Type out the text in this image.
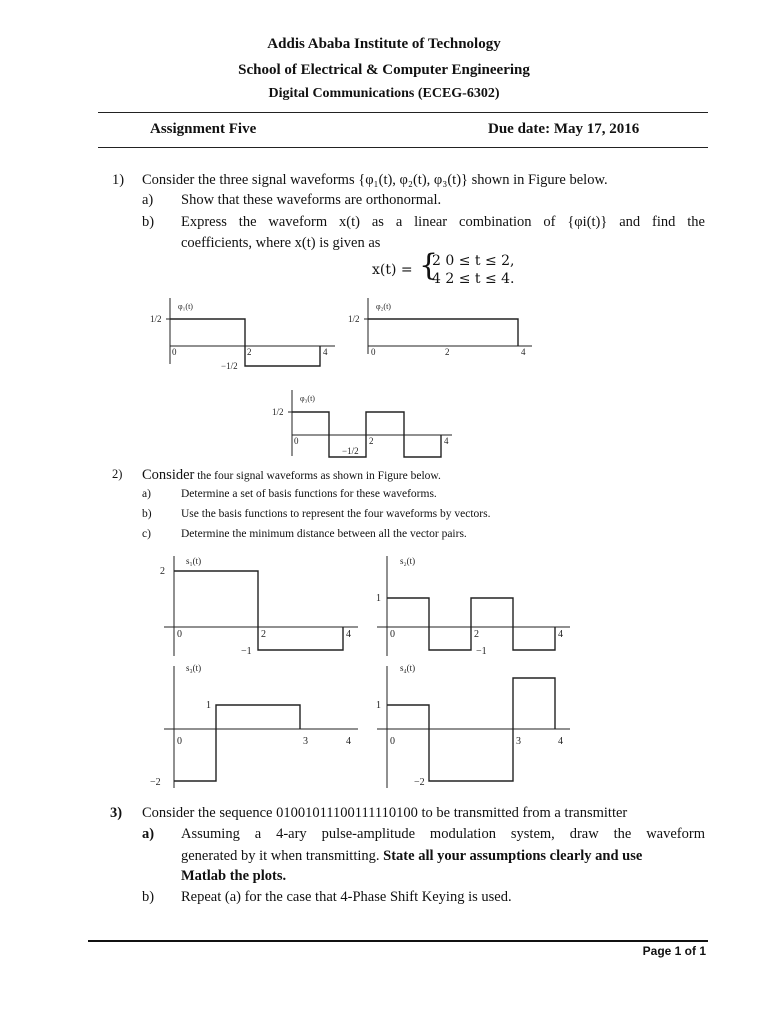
Addis Ababa Institute of Technology
School of Electrical & Computer Engineering
Digital Communications (ECEG-6302)
Assignment Five	Due date: May 17, 2016
1) Consider the three signal waveforms {φ₁(t), φ₂(t), φ₃(t)} shown in Figure below.
a) Show that these waveforms are orthonormal.
b) Express the waveform x(t) as a linear combination of {φi(t)} and find the
coefficients, where x(t) is given as
x(t) = {
2 0 ≤ t ≤ 2,
4 2 ≤ t ≤ 4.
φ₁(t)
1/2
0	2	4
−1/2
φ₂(t)
1/2
0	2	4
φ₃(t)
1/2
0	2	4
−1/2
2) Consider the four signal waveforms as shown in Figure below.
a)	Determine a set of basis functions for these waveforms.
b)	Use the basis functions to represent the four waveforms by vectors.
c)	Determine the minimum distance between all the vector pairs.
s₁(t)
2
0	2	4
−1
s₂(t)
1
0	2	4
−1
s₃(t)
1
0	3	4
−2
s₄(t)
1
0	3	4
−2
3) Consider the sequence 01001011100111110100 to be transmitted from a transmitter
a) Assuming a 4-ary pulse-amplitude modulation system, draw the waveform
generated by it when transmitting. State all your assumptions clearly and use
Matlab the plots.
b) Repeat (a) for the case that 4-Phase Shift Keying is used.
Page 1 of 1
